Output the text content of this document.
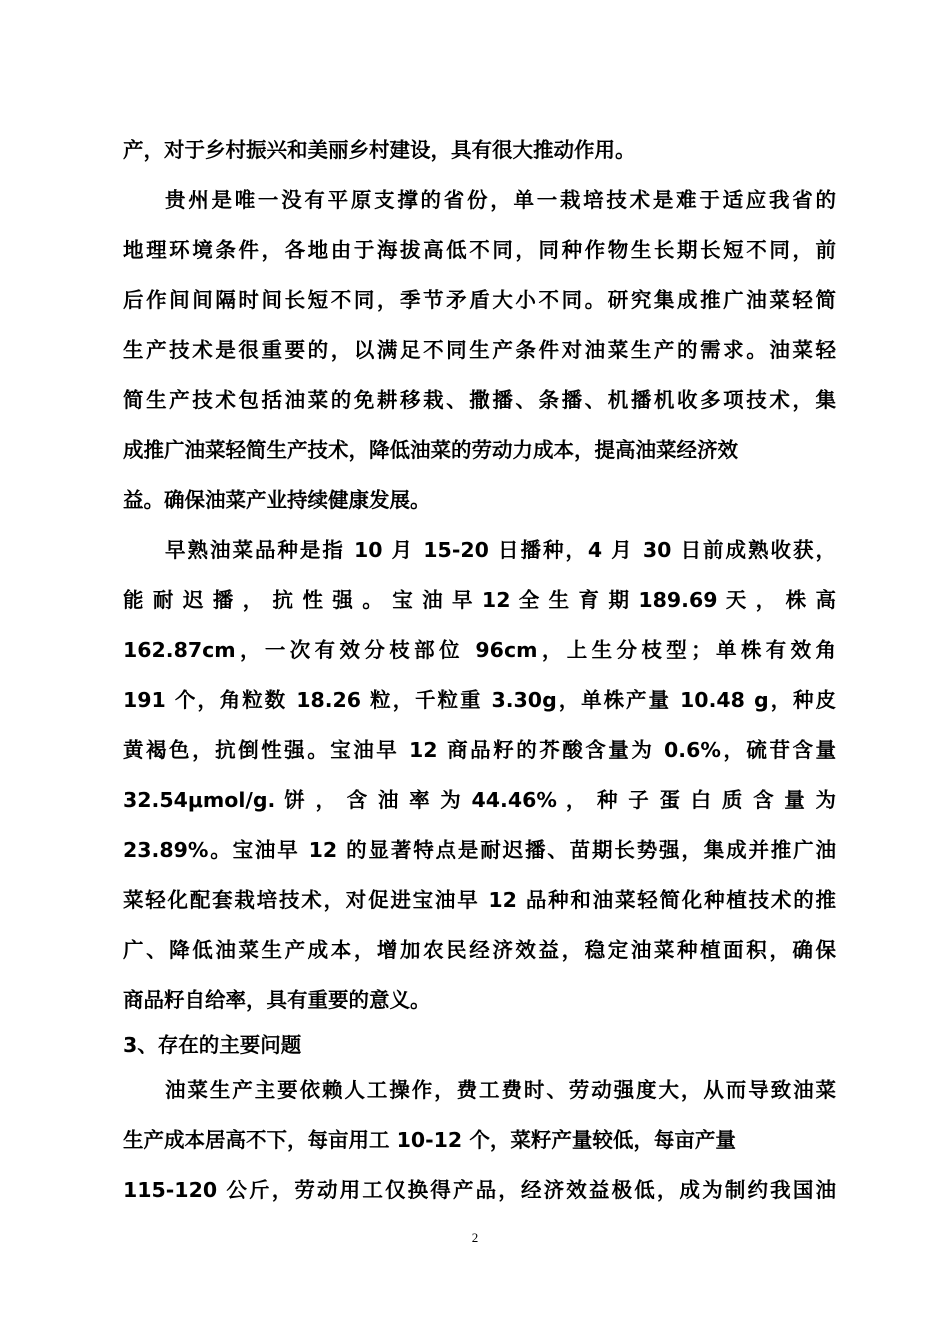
产，对于乡村振兴和美丽乡村建设，具有很大推动作用。
贵州是唯一没有平原支撑的省份，单一栽培技术是难于适应我省的
地理环境条件，各地由于海拔高低不同，同种作物生长期长短不同，前
后作间间隔时间长短不同，季节矛盾大小不同。研究集成推广油菜轻简
生产技术是很重要的，以满足不同生产条件对油菜生产的需求。油菜轻
简生产技术包括油菜的免耕移栽、撒播、条播、机播机收多项技术，集
成推广油菜轻简生产技术，降低油菜的劳动力成本，提高油菜经济效
益。确保油菜产业持续健康发展。
早熟油菜品种是指 10 月 15-20 日播种，4 月 30 日前成熟收获，
能 耐 迟 播 ， 抗 性 强 。 宝 油 早 12 全 生 育 期 189.69 天 ， 株 高
162.87cm，一次有效分枝部位 96cm，上生分枝型；单株有效角
191 个，角粒数 18.26 粒，千粒重 3.30g，单株产量 10.48 g，种皮
黄褐色，抗倒性强。宝油早 12 商品籽的芥酸含量为 0.6%，硫苷含量
32.54μmol/g. 饼 ， 含 油 率 为 44.46% ， 种 子 蛋 白 质 含 量 为
23.89%。宝油早 12 的显著特点是耐迟播、苗期长势强，集成并推广油
菜轻化配套栽培技术，对促进宝油早 12 品种和油菜轻简化种植技术的推
广、降低油菜生产成本，增加农民经济效益，稳定油菜种植面积，确保
商品籽自给率，具有重要的意义。
3、存在的主要问题
油菜生产主要依赖人工操作，费工费时、劳动强度大，从而导致油菜
生产成本居高不下，每亩用工 10-12 个，菜籽产量较低，每亩产量
115-120 公斤，劳动用工仅换得产品，经济效益极低，成为制约我国油
2
